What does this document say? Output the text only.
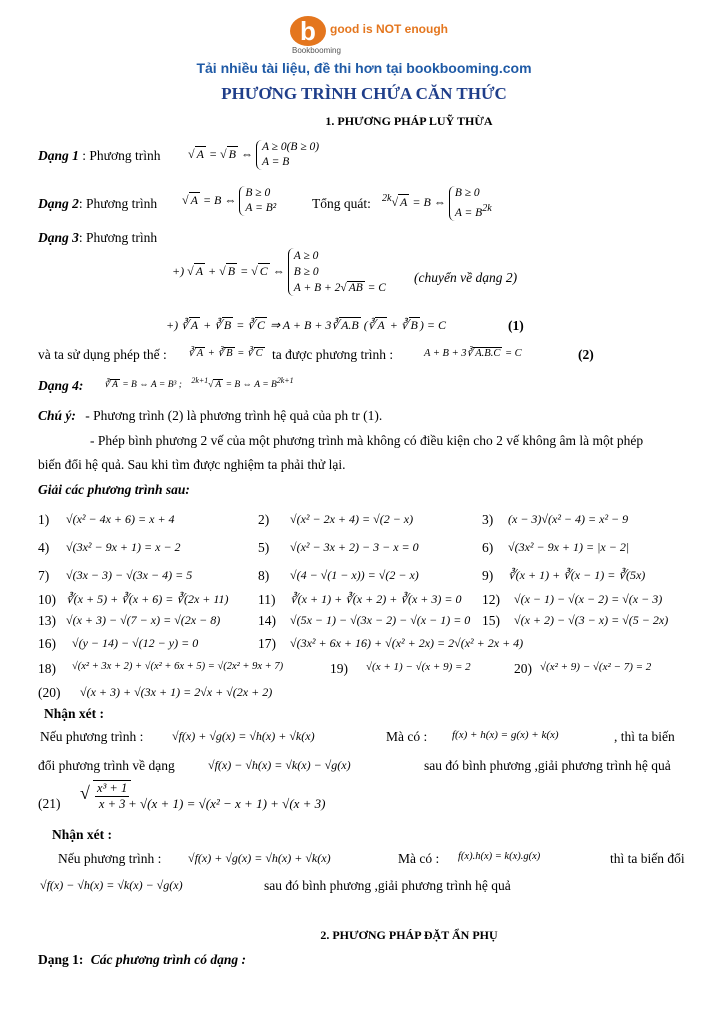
b good is NOT enough
Bookbooming
Tải nhiều tài liệu, đề thi hơn tại bookbooming.com
PHƯƠNG TRÌNH CHỨA CĂN THỨC
1. PHƯƠNG PHÁP LUỸ THỪA
Dạng 1 : Phương trình √ A = √ B ⇔ A ≥ 0(B ≥ 0)
A = B
Dạng 2: Phương trình √ A = B ⇔ B ≥ 0
A = B²	Tổng quát: $^{2k}$√ A = B ⇔ B ≥ 0
$A = B^{2k}$
Dạng 3: Phương trình
+) √ A + √ B = √ C ⇔ A ≥ 0
B ≥ 0
A + B + 2√ AB = C
(chuyển về dạng 2)
+) ∛ A + ∛ B = ∛ C ⇒ A + B + 3∛ A.B (∛ A + ∛ B ) = C	(1)
và ta sử dụng phép thế : ∛ A + ∛ B = ∛ C ta được phương trình :	A + B + 3∛ A.B.C = C	(2)
Dạng 4: ∛ A = B ⇔ A = B³ ;    $^{2k+1}$√ A = B ⇔ $A = B^{2k+1}$
Chú ý: - Phương trình (2) là phương trình hệ quả của ph tr (1).
- Phép bình phương 2 vế của một phương trình mà không có điều kiện cho 2 vế không âm là một phép
biến đổi hệ quả. Sau khi tìm được nghiệm ta phải thử lại.
Giải các phương trình sau:
1) √(x² − 4x + 6) = x + 4	2) √(x² − 2x + 4) = √(2 − x)	3) (x − 3)√(x² − 4) = x² − 9
4) √(3x² − 9x + 1) = x − 2	5) √(x² − 3x + 2) − 3 − x = 0	6) √(3x² − 9x + 1) = |x − 2|
7) √(3x − 3) − √(3x − 4) = 5	8) √(4 − √(1 − x)) = √(2 − x)	9) ∛(x + 1) + ∛(x − 1) = ∛(5x)
10) ∛(x + 5) + ∛(x + 6) = ∛(2x + 11) 11) ∛(x + 1) + ∛(x + 2) + ∛(x + 3) = 0 12) √(x − 1) − √(x − 2) = √(x − 3)
13) √(x + 3) − √(7 − x) = √(2x − 8)	14) √(5x − 1) − √(3x − 2) − √(x − 1) = 0 15) √(x + 2) − √(3 − x) = √(5 − 2x)
16) √(y − 14) − √(12 − y) = 0	17) √(3x² + 6x + 16) + √(x² + 2x) = 2√(x² + 2x + 4)
18) √(x² + 3x + 2) + √(x² + 6x + 5) = √(2x² + 9x + 7)	19) √(x + 1) − √(x + 9) = 2	20) √(x² + 9) − √(x² − 7) = 2
(20) √(x + 3) + √(3x + 1) = 2√x + √(2x + 2)
Nhận xét :
Nếu phương trình : √f(x) + √g(x) = √h(x) + √k(x)	Mà có : f(x) + h(x) = g(x) + k(x)	, thì ta biến
đổi phương trình về dạng	√f(x) − √h(x) = √k(x) − √g(x)	sau đó bình phương ,giải phương trình hệ quả
(21)
√ $\frac{\text{x³ + 1}}{x + 3}$
+ √(x + 1) = √(x² − x + 1) + √(x + 3)
Nhận xét :
Nếu phương trình : √f(x) + √g(x) = √h(x) + √k(x)	Mà có : f(x).h(x) = k(x).g(x)	thì ta biến đổi
√f(x) − √h(x) = √k(x) − √g(x)	sau đó bình phương ,giải phương trình hệ quả
2. PHƯƠNG PHÁP ĐẶT ẨN PHỤ
Dạng 1: Các phương trình có dạng :
